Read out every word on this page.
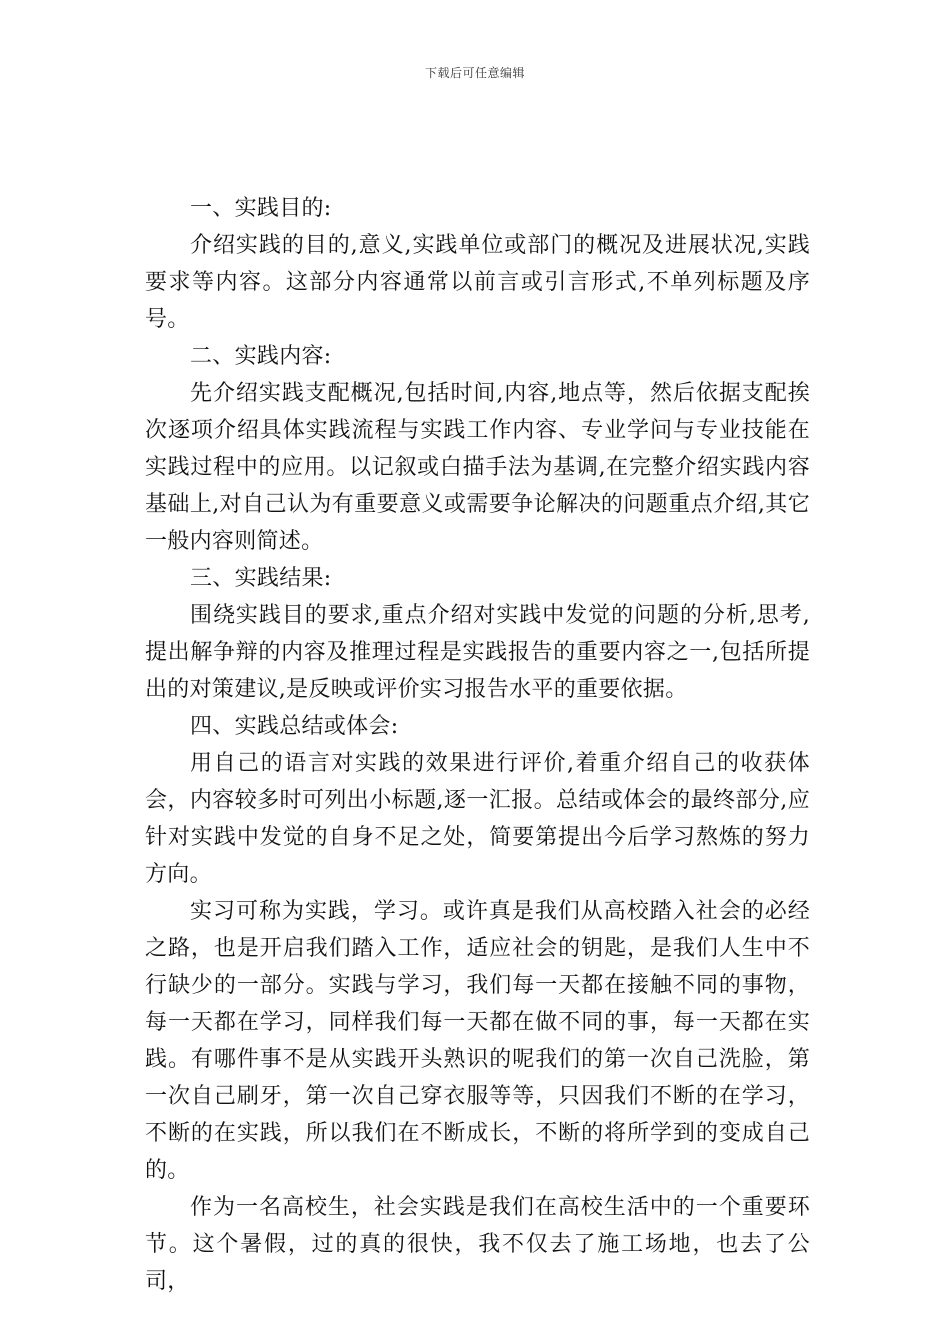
下载后可任意编辑

一、实践目的:

介绍实践的目的,意义,实践单位或部门的概况及进展状况,实践要求等内容。这部分内容通常以前言或引言形式,不单列标题及序号。

二、实践内容:

先介绍实践支配概况,包括时间,内容,地点等，然后依据支配挨次逐项介绍具体实践流程与实践工作内容、专业学问与专业技能在实践过程中的应用。以记叙或白描手法为基调,在完整介绍实践内容基础上,对自己认为有重要意义或需要争论解决的问题重点介绍,其它一般内容则简述。

三、实践结果:

围绕实践目的要求,重点介绍对实践中发觉的问题的分析,思考,提出解争辩的内容及推理过程是实践报告的重要内容之一,包括所提出的对策建议,是反映或评价实习报告水平的重要依据。

四、实践总结或体会:

用自己的语言对实践的效果进行评价,着重介绍自己的收获体会，内容较多时可列出小标题,逐一汇报。总结或体会的最终部分,应针对实践中发觉的自身不足之处，简要第提出今后学习熬炼的努力方向。

实习可称为实践，学习。或许真是我们从高校踏入社会的必经之路，也是开启我们踏入工作，适应社会的钥匙，是我们人生中不行缺少的一部分。实践与学习，我们每一天都在接触不同的事物，每一天都在学习，同样我们每一天都在做不同的事，每一天都在实践。有哪件事不是从实践开头熟识的呢我们的第一次自己洗脸，第一次自己刷牙，第一次自己穿衣服等等，只因我们不断的在学习，不断的在实践，所以我们在不断成长，不断的将所学到的变成自己的。

作为一名高校生，社会实践是我们在高校生活中的一个重要环节。这个暑假，过的真的很快，我不仅去了施工场地，也去了公司，
